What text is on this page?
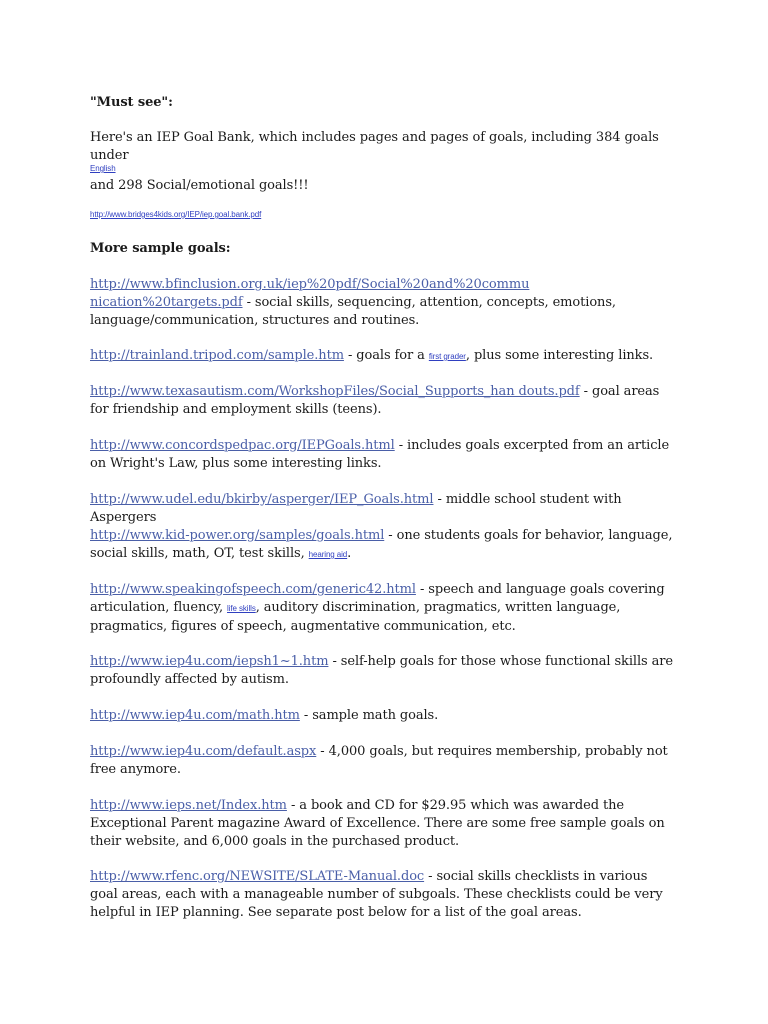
"Must see":
Here's an IEP Goal Bank, which includes pages and pages of goals, including 384 goals under
$^{English}$
and 298 Social/emotional goals!!!
http://www.bridges4kids.org/IEP/iep.goal.bank.pdf
More sample goals:
http://www.bfinclusion.org.uk/iep%20pdf/Social%20and%20commu nication%20targets.pdf - social skills, sequencing, attention, concepts, emotions, language/communication, structures and routines.
http://trainland.tripod.com/sample.htm - goals for a first grader, plus some interesting links.
http://www.texasautism.com/WorkshopFiles/Social_Supports_han douts.pdf - goal areas for friendship and employment skills (teens).
http://www.concordspedpac.org/IEPGoals.html - includes goals excerpted from an article on Wright's Law, plus some interesting links.
http://www.udel.edu/bkirby/asperger/IEP_Goals.html - middle school student with Aspergers
http://www.kid-power.org/samples/goals.html - one students goals for behavior, language, social skills, math, OT, test skills, hearing aid.
http://www.speakingofspeech.com/generic42.html - speech and language goals covering articulation, fluency, life skills, auditory discrimination, pragmatics, written language, pragmatics, figures of speech, augmentative communication, etc.
http://www.iep4u.com/iepsh1~1.htm - self-help goals for those whose functional skills are profoundly affected by autism.
http://www.iep4u.com/math.htm - sample math goals.
http://www.iep4u.com/default.aspx - 4,000 goals, but requires membership, probably not free anymore.
http://www.ieps.net/Index.htm - a book and CD for $29.95 which was awarded the Exceptional Parent magazine Award of Excellence. There are some free sample goals on their website, and 6,000 goals in the purchased product.
http://www.rfenc.org/NEWSITE/SLATE-Manual.doc - social skills checklists in various goal areas, each with a manageable number of subgoals. These checklists could be very helpful in IEP planning. See separate post below for a list of the goal areas.
